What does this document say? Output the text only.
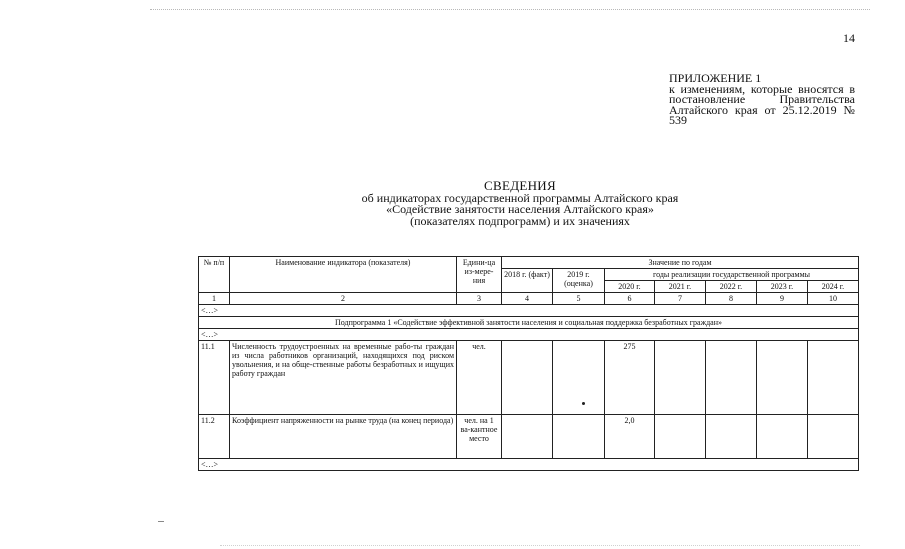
14
ПРИЛОЖЕНИЕ 1
к изменениям, которые вносятся в постановление Правительства Алтайского края от 25.12.2019 № 539
СВЕДЕНИЯ
об индикаторах государственной программы Алтайского края
«Содействие занятости населения Алтайского края»
(показателях подпрограмм) и их значениях
№ п/п	Наименование индикатора (показателя)	Едини-ца из-мере-ния	Значение по годам						
			2018 г. (факт)	2019 г. (оценка)	годы реализации государственной программы				
					2020 г.	2021 г.	2022 г.	2023 г.	2024 г.
1	2	3	4	5	6	7	8	9	10
<…>									
Подпрограмма 1 «Содействие эффективной занятости населения и социальная поддержка безработных граждан»									
<…>									
11.1	Численность трудоустроенных на временные рабо-ты граждан из числа работников организаций, находящихся под риском увольнения, и на обще-ственные работы безработных и ищущих работу граждан	чел.			275				
11.2	Коэффициент напряженности на рынке труда (на конец периода)	чел. на 1 ва-кантное место			2,0				
<…>									
